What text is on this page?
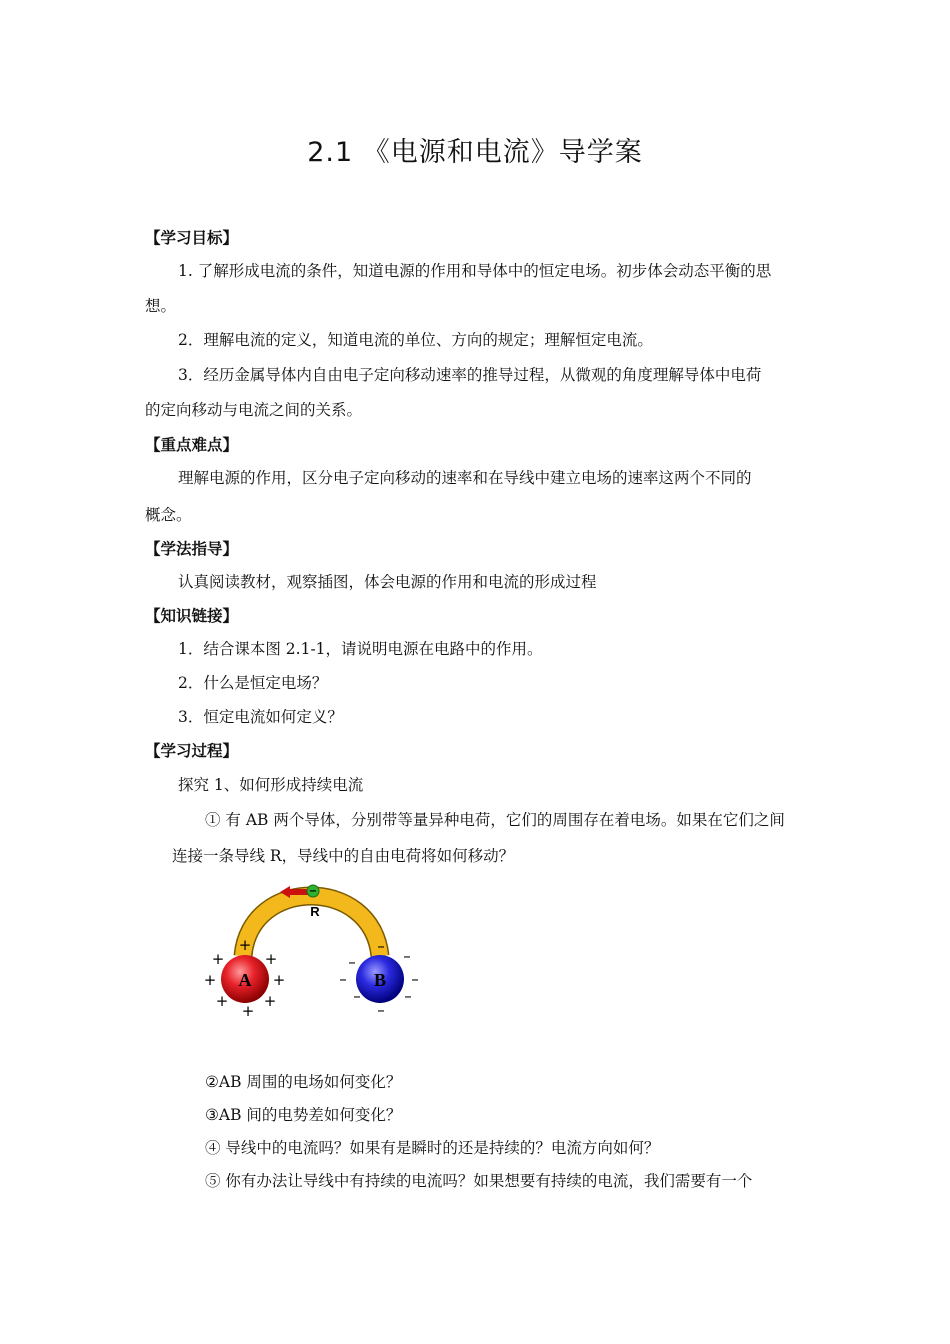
2.1 《电源和电流》导学案
【学习目标】
1. 了解形成电流的条件，知道电源的作用和导体中的恒定电场。初步体会动态平衡的思
想。
2．理解电流的定义，知道电流的单位、方向的规定；理解恒定电流。
3．经历金属导体内自由电子定向移动速率的推导过程，从微观的角度理解导体中电荷
的定向移动与电流之间的关系。
【重点难点】
理解电源的作用，区分电子定向移动的速率和在导线中建立电场的速率这两个不同的
概念。
【学法指导】
认真阅读教材，观察插图，体会电源的作用和电流的形成过程
【知识链接】
1．结合课本图 2.1-1，请说明电源在电路中的作用。
2．什么是恒定电场？
3．恒定电流如何定义？
【学习过程】
探究 1、如何形成持续电流
① 有 AB 两个导体，分别带等量异种电荷，它们的周围存在着电场。如果在它们之间
连接一条导线 R，导线中的自由电荷将如何移动？
−
R
A
+
+	+
+	+
+ +
+
B
–
–	–
–	–
–	–
–
②AB 周围的电场如何变化？
③AB 间的电势差如何变化？
④ 导线中的电流吗？如果有是瞬时的还是持续的？电流方向如何？
⑤ 你有办法让导线中有持续的电流吗？如果想要有持续的电流，我们需要有一个
